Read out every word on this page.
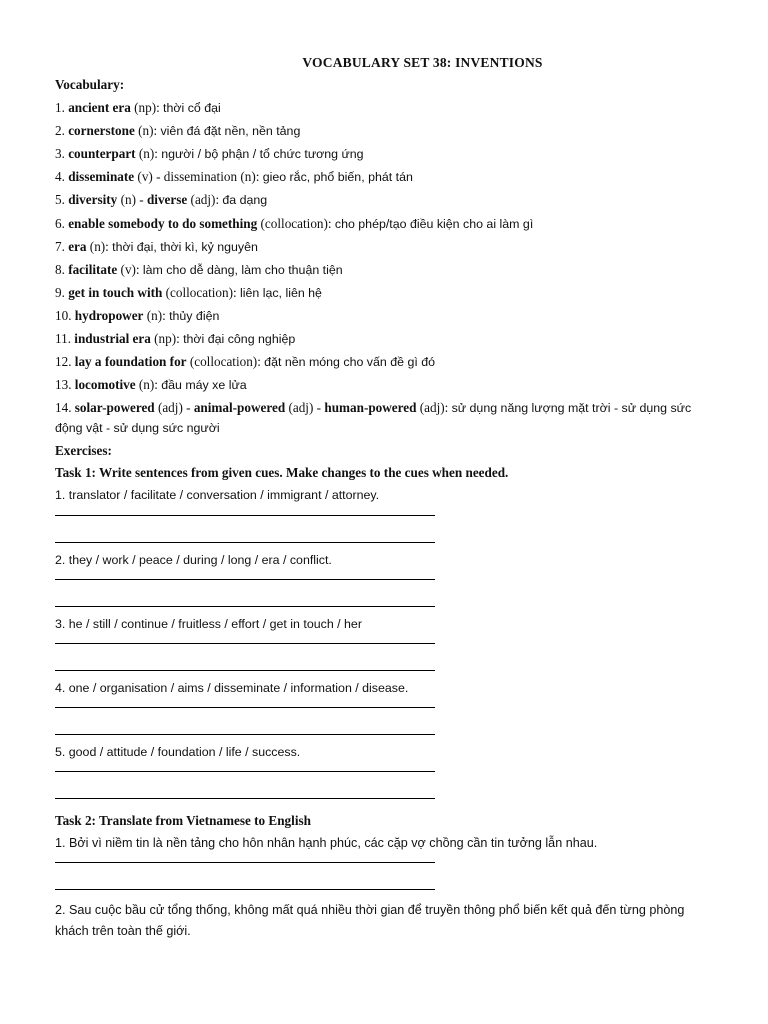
VOCABULARY SET 38: INVENTIONS
Vocabulary:
1. ancient era (np): thời cổ đại
2. cornerstone (n): viên đá đặt nền, nền tảng
3. counterpart (n): người / bộ phận / tổ chức tương ứng
4. disseminate (v) - dissemination (n): gieo rắc, phổ biến, phát tán
5. diversity (n) - diverse (adj): đa dạng
6. enable somebody to do something (collocation): cho phép/tạo điều kiện cho ai làm gì
7. era (n): thời đại, thời kì, kỷ nguyên
8. facilitate (v): làm cho dễ dàng, làm cho thuận tiện
9. get in touch with (collocation): liên lạc, liên hệ
10. hydropower (n): thủy điện
11. industrial era (np): thời đại công nghiệp
12. lay a foundation for (collocation): đặt nền móng cho vấn đề gì đó
13. locomotive (n): đầu máy xe lửa
14. solar-powered (adj) - animal-powered (adj) - human-powered (adj): sử dụng năng lượng mặt trời - sử dụng sức động vật - sử dụng sức người
Exercises:
Task 1: Write sentences from given cues. Make changes to the cues when needed.
1. translator / facilitate / conversation / immigrant / attorney.
2. they / work / peace / during / long / era / conflict.
3. he / still / continue / fruitless / effort / get in touch / her
4. one / organisation / aims / disseminate / information / disease.
5. good / attitude / foundation / life / success.
Task 2: Translate from Vietnamese to English
1. Bởi vì niềm tin là nền tảng cho hôn nhân hạnh phúc, các cặp vợ chồng cần tin tưởng lẫn nhau.
2. Sau cuộc bầu cử tổng thống, không mất quá nhiều thời gian để truyền thông phổ biến kết quả đến từng phòng khách trên toàn thế giới.
